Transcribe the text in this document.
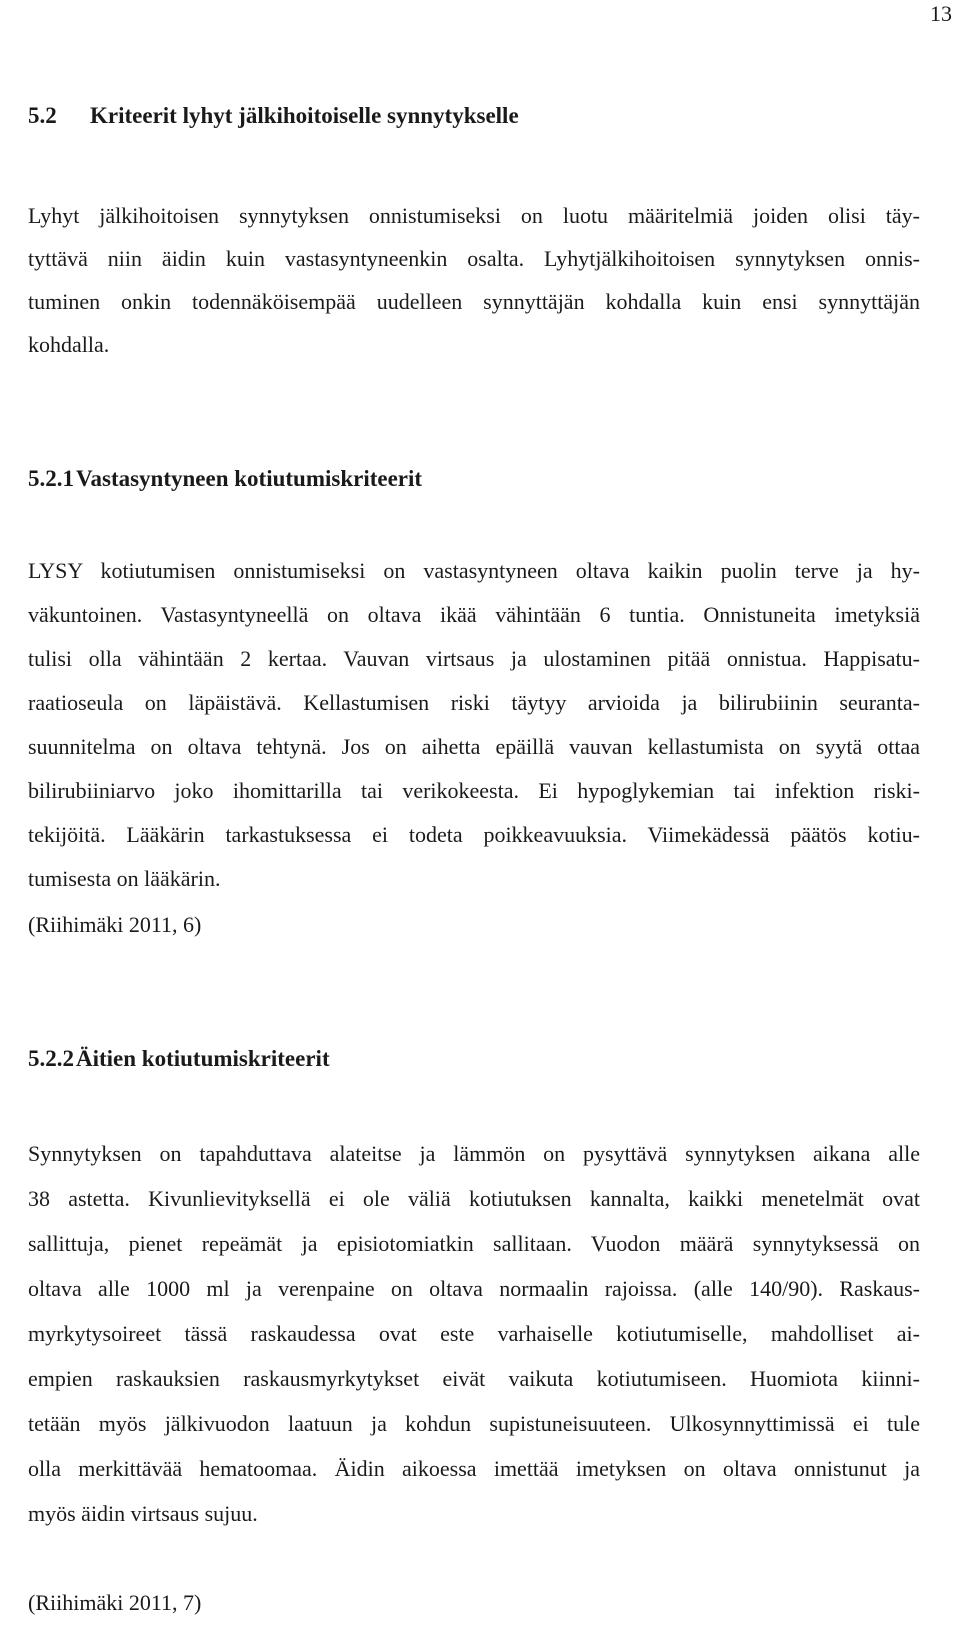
13
5.2 Kriteerit lyhyt jälkihoitoiselle synnytykselle
Lyhyt jälkihoitoisen synnytyksen onnistumiseksi on luotu määritelmiä joiden olisi täy-
tyttävä niin äidin kuin vastasyntyneenkin osalta. Lyhytjälkihoitoisen synnytyksen onnis-
tuminen onkin todennäköisempää uudelleen synnyttäjän kohdalla kuin ensi synnyttäjän
kohdalla.
5.2.1Vastasyntyneen kotiutumiskriteerit
LYSY kotiutumisen onnistumiseksi on vastasyntyneen oltava kaikin puolin terve ja hy-
väkuntoinen. Vastasyntyneellä on oltava ikää vähintään 6 tuntia. Onnistuneita imetyksiä
tulisi olla vähintään 2 kertaa. Vauvan virtsaus ja ulostaminen pitää onnistua. Happisatu-
raatioseula on läpäistävä. Kellastumisen riski täytyy arvioida ja bilirubiinin seuranta-
suunnitelma on oltava tehtynä. Jos on aihetta epäillä vauvan kellastumista on syytä ottaa
bilirubiiniarvo joko ihomittarilla tai verikokeesta. Ei hypoglykemian tai infektion riski-
tekijöitä. Lääkärin tarkastuksessa ei todeta poikkeavuuksia. Viimekädessä päätös kotiu-
tumisesta on lääkärin.
(Riihimäki 2011, 6)
5.2.2Äitien kotiutumiskriteerit
Synnytyksen on tapahduttava alateitse ja lämmön on pysyttävä synnytyksen aikana alle
38 astetta. Kivunlievityksellä ei ole väliä kotiutuksen kannalta, kaikki menetelmät ovat
sallittuja, pienet repeämät ja episiotomiatkin sallitaan. Vuodon määrä synnytyksessä on
oltava alle 1000 ml ja verenpaine on oltava normaalin rajoissa. (alle 140/90). Raskaus-
myrkytysoireet tässä raskaudessa ovat este varhaiselle kotiutumiselle, mahdolliset ai-
empien raskauksien raskausmyrkytykset eivät vaikuta kotiutumiseen. Huomiota kiinni-
tetään myös jälkivuodon laatuun ja kohdun supistuneisuuteen. Ulkosynnyttimissä ei tule
olla merkittävää hematoomaa. Äidin aikoessa imettää imetyksen on oltava onnistunut ja
myös äidin virtsaus sujuu.
(Riihimäki 2011, 7)
